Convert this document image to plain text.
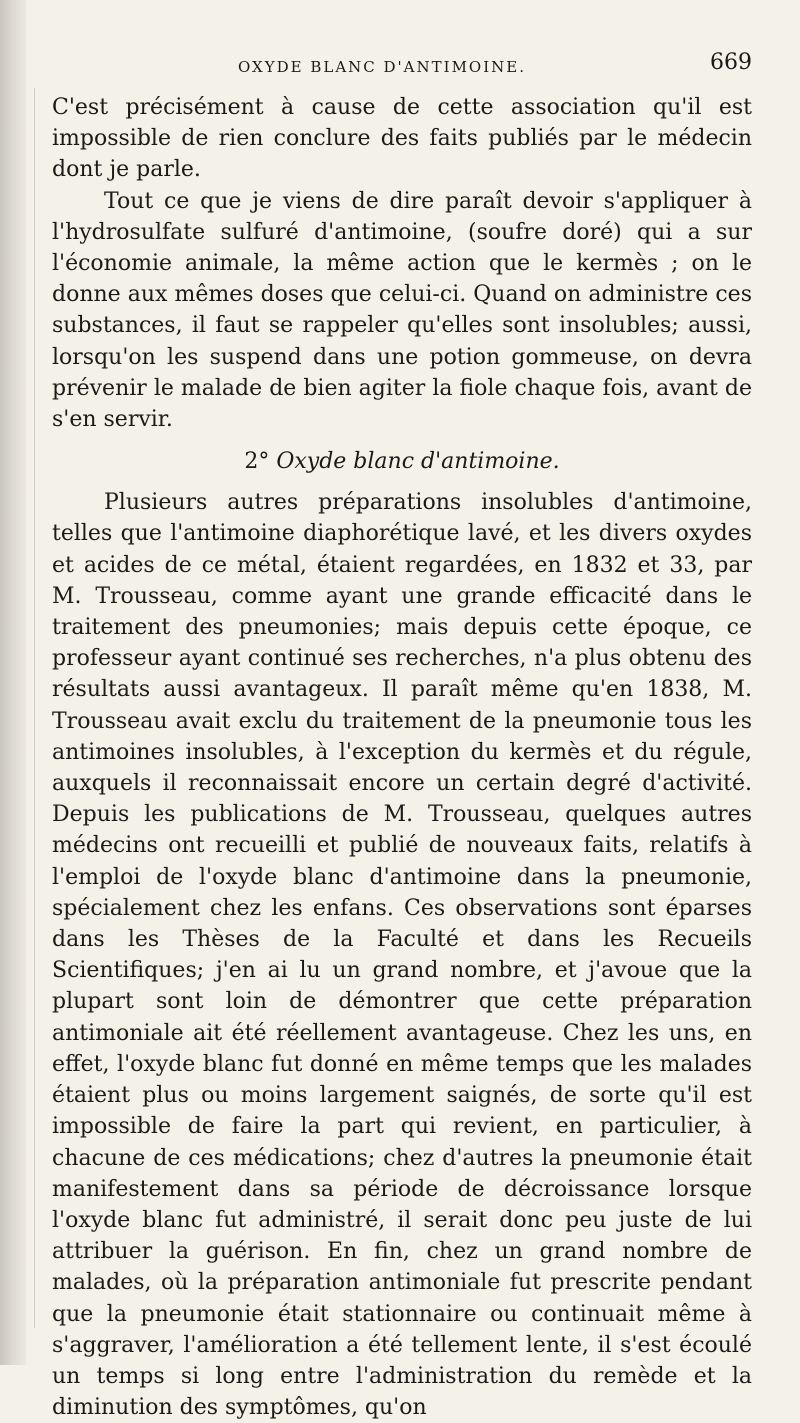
OXYDE BLANC D'ANTIMOINE.	669

C'est précisément à cause de cette association qu'il est impossible de rien conclure des faits publiés par le médecin dont je parle.

Tout ce que je viens de dire paraît devoir s'appliquer à l'hydrosulfate sulfuré d'antimoine, (soufre doré) qui a sur l'économie animale, la même action que le kermès ; on le donne aux mêmes doses que celui-ci. Quand on administre ces substances, il faut se rappeler qu'elles sont insolubles; aussi, lorsqu'on les suspend dans une potion gommeuse, on devra prévenir le malade de bien agiter la fiole chaque fois, avant de s'en servir.

2° Oxyde blanc d'antimoine.

Plusieurs autres préparations insolubles d'antimoine, telles que l'antimoine diaphorétique lavé, et les divers oxydes et acides de ce métal, étaient regardées, en 1832 et 33, par M. Trousseau, comme ayant une grande efficacité dans le traitement des pneumonies; mais depuis cette époque, ce professeur ayant continué ses recherches, n'a plus obtenu des résultats aussi avantageux. Il paraît même qu'en 1838, M. Trousseau avait exclu du traitement de la pneumonie tous les antimoines insolubles, à l'exception du kermès et du régule, auxquels il reconnaissait encore un certain degré d'activité. Depuis les publications de M. Trousseau, quelques autres médecins ont recueilli et publié de nouveaux faits, relatifs à l'emploi de l'oxyde blanc d'antimoine dans la pneumonie, spécialement chez les enfans. Ces observations sont éparses dans les Thèses de la Faculté et dans les Recueils Scientifiques; j'en ai lu un grand nombre, et j'avoue que la plupart sont loin de démontrer que cette préparation antimoniale ait été réellement avantageuse. Chez les uns, en effet, l'oxyde blanc fut donné en même temps que les malades étaient plus ou moins largement saignés, de sorte qu'il est impossible de faire la part qui revient, en particulier, à chacune de ces médications; chez d'autres la pneumonie était manifestement dans sa période de décroissance lorsque l'oxyde blanc fut administré, il serait donc peu juste de lui attribuer la guérison. En fin, chez un grand nombre de malades, où la préparation antimoniale fut prescrite pendant que la pneumonie était stationnaire ou continuait même à s'aggraver, l'amélioration a été tellement lente, il s'est écoulé un temps si long entre l'administration du remède et la diminution des symptômes, qu'on
